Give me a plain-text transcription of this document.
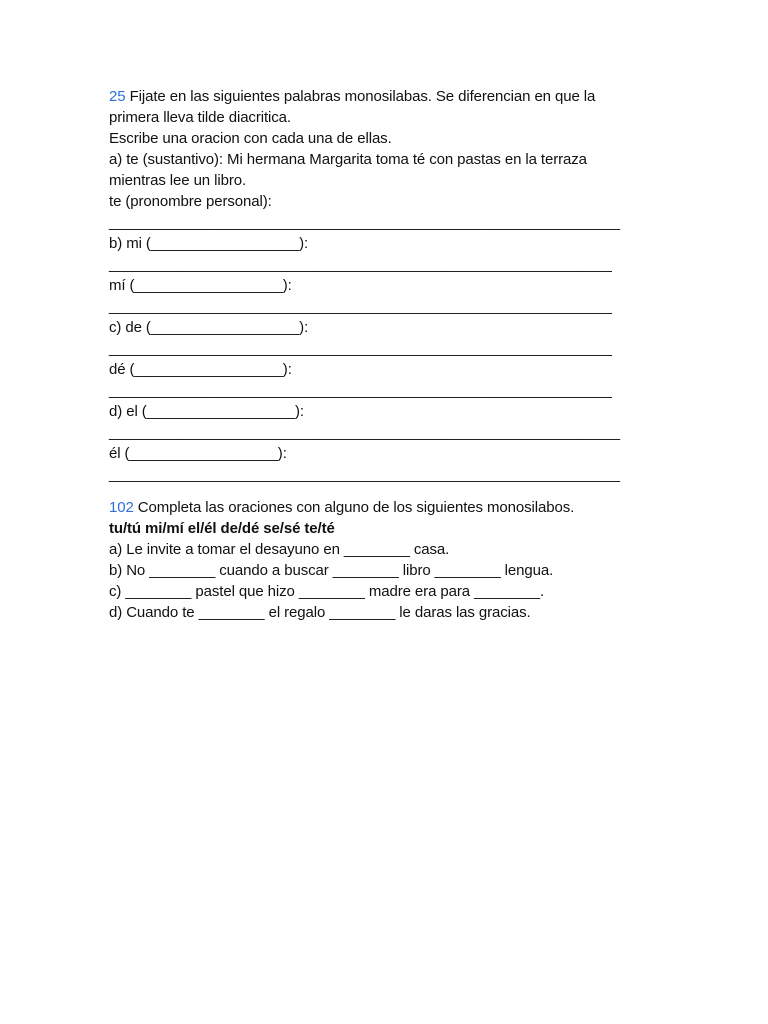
25 Fijate en las siguientes palabras monosilabas. Se diferencian en que la
primera lleva tilde diacritica.
Escribe una oracion con cada una de ellas.
a) te (sustantivo): Mi hermana Margarita toma té con pastas en la terraza
mientras lee un libro.
te (pronombre personal):
______________________________________________________________
b) mi (__________________):
_____________________________________________________________
mí (__________________):
_____________________________________________________________
c) de (__________________):
_____________________________________________________________
dé (__________________):
_____________________________________________________________
d) el (__________________):
______________________________________________________________
él (__________________):
______________________________________________________________
102 Completa las oraciones con alguno de los siguientes monosilabos.
tu/tú mi/mí el/él de/dé se/sé te/té
a) Le invite a tomar el desayuno en ________ casa.
b) No ________ cuando a buscar ________ libro ________ lengua.
c) ________ pastel que hizo ________ madre era para ________.
d) Cuando te ________ el regalo ________ le daras las gracias.
